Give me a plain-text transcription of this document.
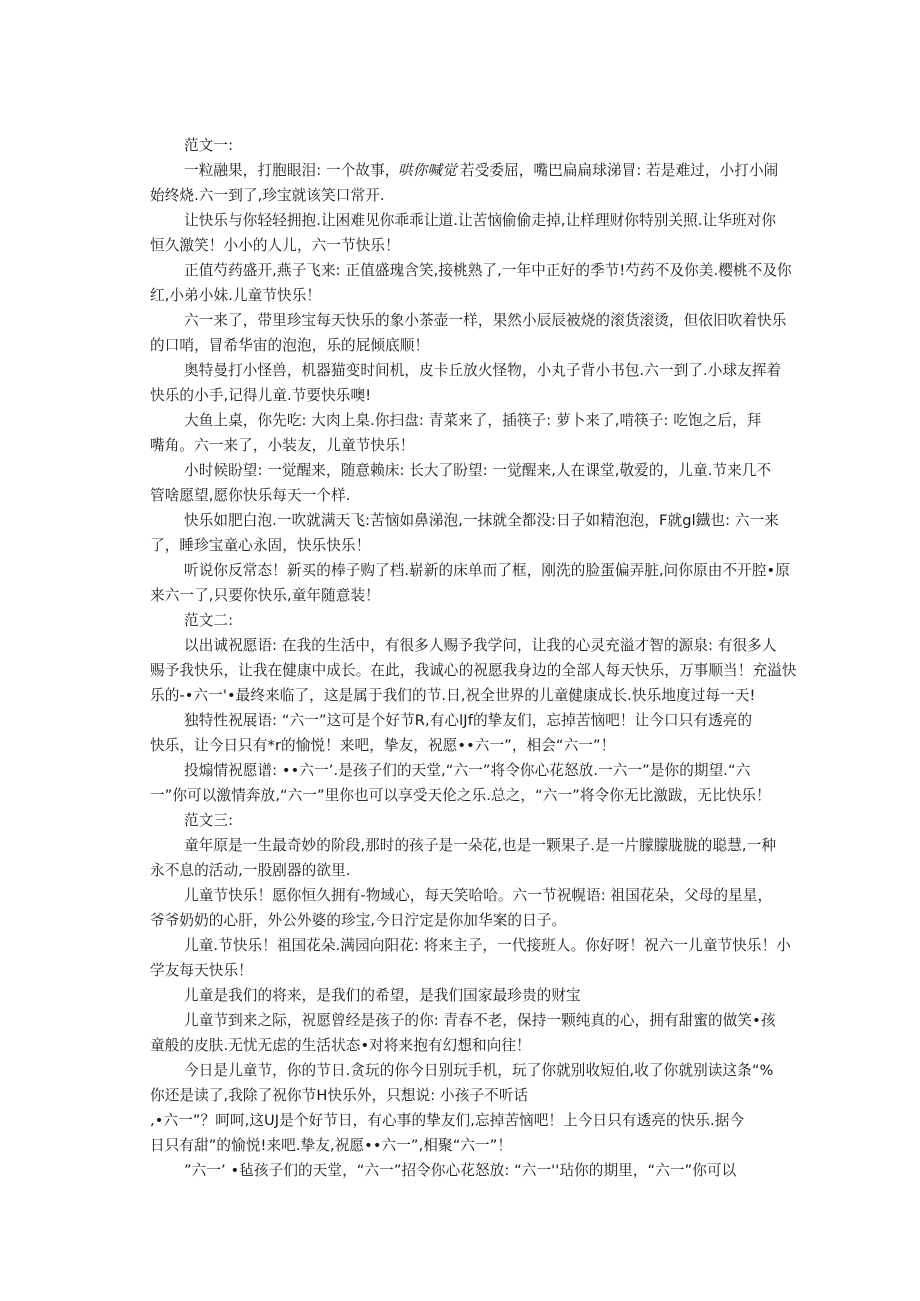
范文一:
一粒融果，打胞眼泪: 一个故事，
哄你喊觉 若受委屈，嘴巴扁扁球涕冒: 若是难过，小打小闹
始终烧.六一到了,珍宝就该笑口常开.
让快乐与你轻轻拥抱.让困难见你乖乖让道.让苦恼偷偷走掉,让样理财你特别关照.让华班对你
恒久激笑！小小的人儿，六一节快乐！
正值芍药盛开,燕子飞来: 正值盛瑰含笑,接桃熟了,一年中正好的季节!芍药不及你美.樱桃不及你
红,小弟小妹.儿童节快乐！
六一来了，带里珍宝每天快乐的象小茶壶一样，果然小辰辰被烧的滚货滚烫，但依旧吹着快乐
的口哨，冒希华宙的泡泡，乐的屁倾底顺！
奥特曼打小怪兽，机器猫变时间机，皮卡丘放火怪物，小丸子背小书包.六一到了.小球友挥着
快乐的小手,记得儿童.节要快乐噢!
大鱼上桌，你先吃: 大肉上臬.你扫盘: 青菜来了，插筷子: 萝卜来了,啃筷子: 吃饱之后，拜
嘴角。六一来了，小装友，儿童节快乐！
小时候盼望: 一觉醒来，随意赖床: 长大了盼望: 一觉醒来,人在课堂,敬爱的，儿童.节来几不
管啥愿望,愿你快乐每天一个样.
快乐如肥白泡.一吹就满天飞:苦恼如鼻涕泡,一抹就全都没:日子如精泡泡，F就gl鐡也: 六一来
了，睡珍宝童心永固，快乐快乐！
听说你反常态！新买的棒子购了档.崭新的床单而了框，刚洗的脸蛋偏弄脏,问你原由不开腔•原
来六一了,只要你快乐,童年随意装！
范文二:
以出诚祝愿语: 在我的生活中，有很多人赐予我学问，让我的心灵充溢才智的源泉: 有很多人
赐予我快乐，让我在健康中成长。在此，我诚心的祝愿我身边的全部人每天快乐，万事顺当！充溢快
乐的-•六一'•最终来临了，这是属于我们的节.日,祝全世界的儿童健康成长.快乐地度过每一天!
独特性祝展语: “六一”这可是个好节R,有心lJf的挚友们，忘掉苦恼吧！让今口只有透亮的
快乐，让今日只有*r的愉悦！来吧，挚友，祝愿••六一”，相会“六一”！
投煽情祝愿谱: ••六一’.是孩子们的天堂,“六一”将令你心花怒放.一六一”是你的期望.“六
一”你可以激情奔放,“六一”里你也可以享受天伦之乐.总之，“六一”将令你无比激跋，无比快乐！
范文三:
童年原是一生最奇妙的阶段,那时的孩子是一朵花,也是一颗果子.是一片朦朦胧胧的聪慧,一种
永不息的活动,一股剧器的欲里.
儿童节快乐！愿你恒久拥有-物域心，每天笑哈哈。六一节祝幌语: 祖国花朵，父母的星星，
爷爷奶奶的心肝，外公外婆的珍宝,今日泞定是你加华案的日子。
儿童.节快乐！祖国花朵.满园向阳花: 将来主子，一代接班人。你好呀！祝六一儿童节快乐！小
学友每天快乐！
儿童是我们的将来，是我们的希望，是我们国家最珍贵的财宝
儿童节到来之际，祝愿曾经是孩子的你: 青春不老，保持一颗纯真的心，拥有甜蜜的做笑•孩
童般的皮肤.无忧无虑的生活状态•对将来抱有幻想和向往！
今日是儿童节，你的节日.贪玩的你今日别玩手机，玩了你就别收短伯,收了你就别读这条“%
你还是读了,我除了祝你节H快乐外，只想说: 小孩子不听话
,•六一”？呵呵,这UJ是个好节日，有心事的挚友们,忘掉苦恼吧！上今日只有透亮的快乐.据今
日只有甜”的愉悦!来吧.挚友,祝愿••六一”,相聚“六一”！
”六一’ •毡孩子们的天堂，“六一”招令你心花怒放: “六一''玷你的期里，“六一”你可以
